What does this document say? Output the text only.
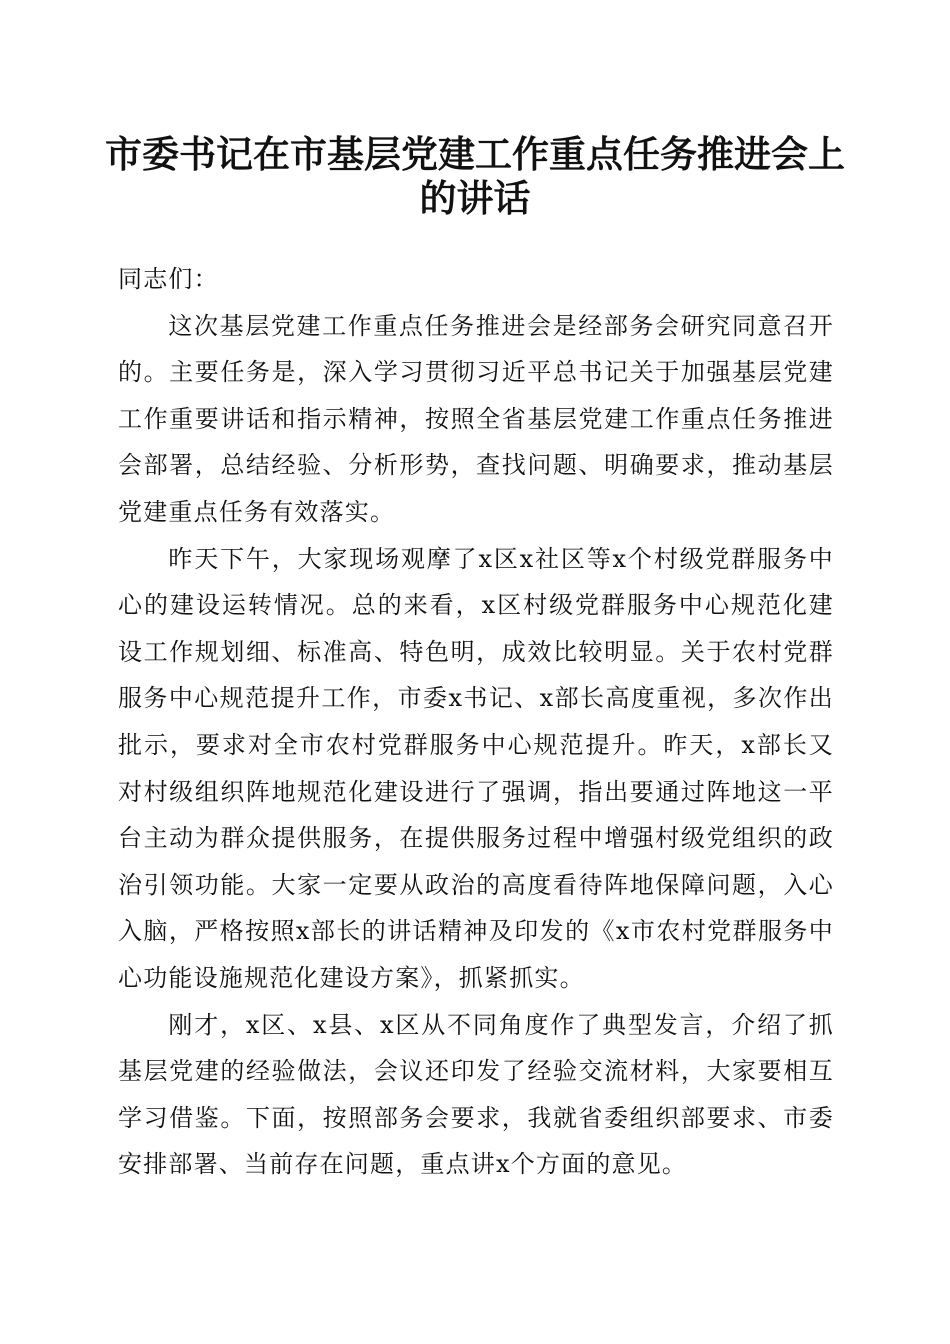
市委书记在市基层党建工作重点任务推进会上的讲话

同志们：

这次基层党建工作重点任务推进会是经部务会研究同意召开的。主要任务是，深入学习贯彻习近平总书记关于加强基层党建工作重要讲话和指示精神，按照全省基层党建工作重点任务推进会部署，总结经验、分析形势，查找问题、明确要求，推动基层党建重点任务有效落实。

昨天下午，大家现场观摩了x区x社区等x个村级党群服务中心的建设运转情况。总的来看，x区村级党群服务中心规范化建设工作规划细、标准高、特色明，成效比较明显。关于农村党群服务中心规范提升工作，市委x书记、x部长高度重视，多次作出批示，要求对全市农村党群服务中心规范提升。昨天，x部长又对村级组织阵地规范化建设进行了强调，指出要通过阵地这一平台主动为群众提供服务，在提供服务过程中增强村级党组织的政治引领功能。大家一定要从政治的高度看待阵地保障问题，入心入脑，严格按照x部长的讲话精神及印发的《x市农村党群服务中心功能设施规范化建设方案》，抓紧抓实。

刚才，x区、x县、x区从不同角度作了典型发言，介绍了抓基层党建的经验做法，会议还印发了经验交流材料，大家要相互学习借鉴。下面，按照部务会要求，我就省委组织部要求、市委安排部署、当前存在问题，重点讲x个方面的意见。
